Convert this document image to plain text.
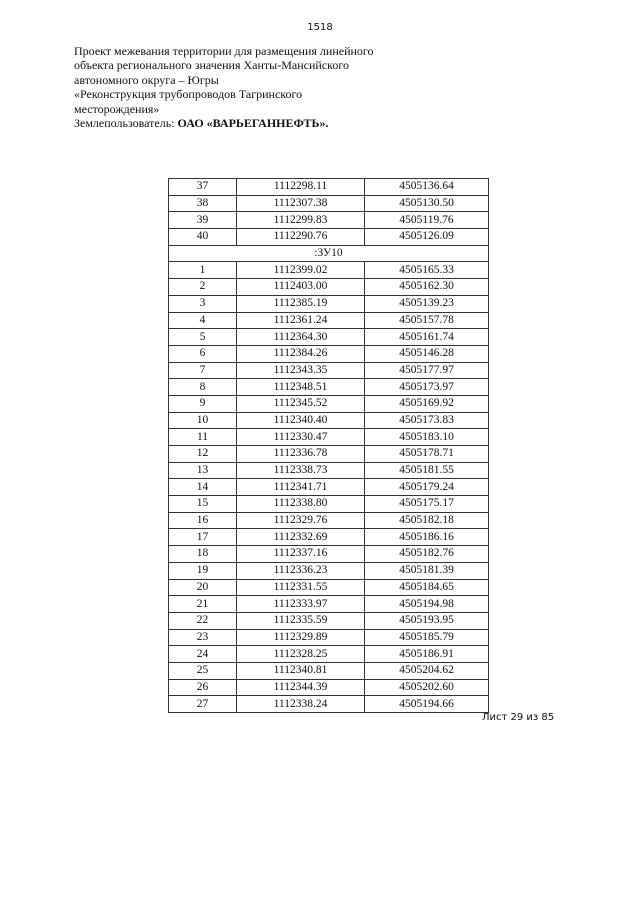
1518
Проект межевания территории для размещения линейного
объекта регионального значения Ханты-Мансийского
автономного округа – Югры
«Реконструкция трубопроводов Тагринского
месторождения»
Землепользователь: ОАО «ВАРЬЕГАННЕФТЬ».
37	1112298.11	4505136.64
38	1112307.38	4505130.50
39	1112299.83	4505119.76
40	1112290.76	4505126.09
:ЗУ10		
1	1112399.02	4505165.33
2	1112403.00	4505162.30
3	1112385.19	4505139.23
4	1112361.24	4505157.78
5	1112364.30	4505161.74
6	1112384.26	4505146.28
7	1112343.35	4505177.97
8	1112348.51	4505173.97
9	1112345.52	4505169.92
10	1112340.40	4505173.83
11	1112330.47	4505183.10
12	1112336.78	4505178.71
13	1112338.73	4505181.55
14	1112341.71	4505179.24
15	1112338.80	4505175.17
16	1112329.76	4505182.18
17	1112332.69	4505186.16
18	1112337.16	4505182.76
19	1112336.23	4505181.39
20	1112331.55	4505184.65
21	1112333.97	4505194.98
22	1112335.59	4505193.95
23	1112329.89	4505185.79
24	1112328.25	4505186.91
25	1112340.81	4505204.62
26	1112344.39	4505202.60
27	1112338.24	4505194.66
Лист 29 из 85
